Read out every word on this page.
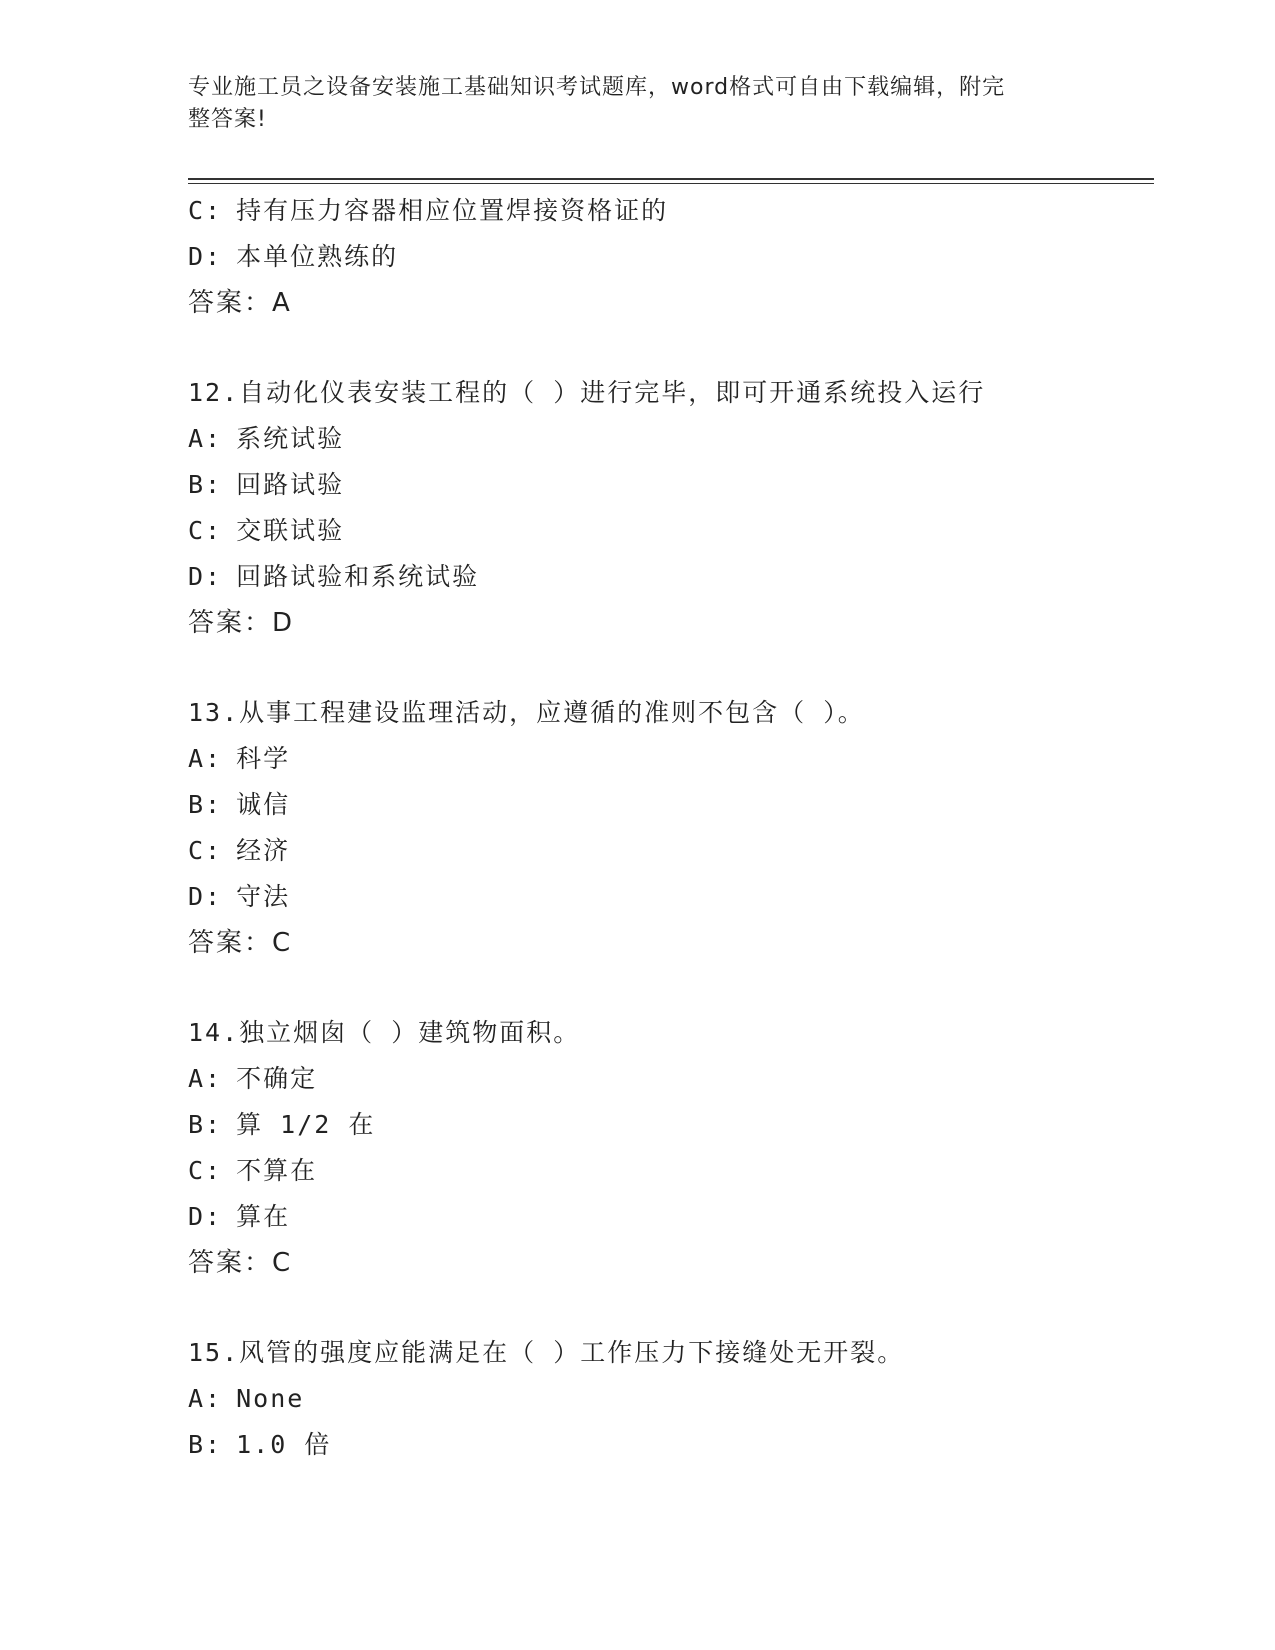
专业施工员之设备安装施工基础知识考试题库，word格式可自由下载编辑，附完
整答案!
C: 持有压力容器相应位置焊接资格证的
D: 本单位熟练的
答案：A
12.自动化仪表安装工程的（ ）进行完毕，即可开通系统投入运行
A: 系统试验
B: 回路试验
C: 交联试验
D: 回路试验和系统试验
答案：D
13.从事工程建设监理活动，应遵循的准则不包含（ ）。
A: 科学
B: 诚信
C: 经济
D: 守法
答案：C
14.独立烟囱（ ）建筑物面积。
A: 不确定
B: 算 1/2 在
C: 不算在
D: 算在
答案：C
15.风管的强度应能满足在（ ）工作压力下接缝处无开裂。
A: None
B: 1.0 倍
